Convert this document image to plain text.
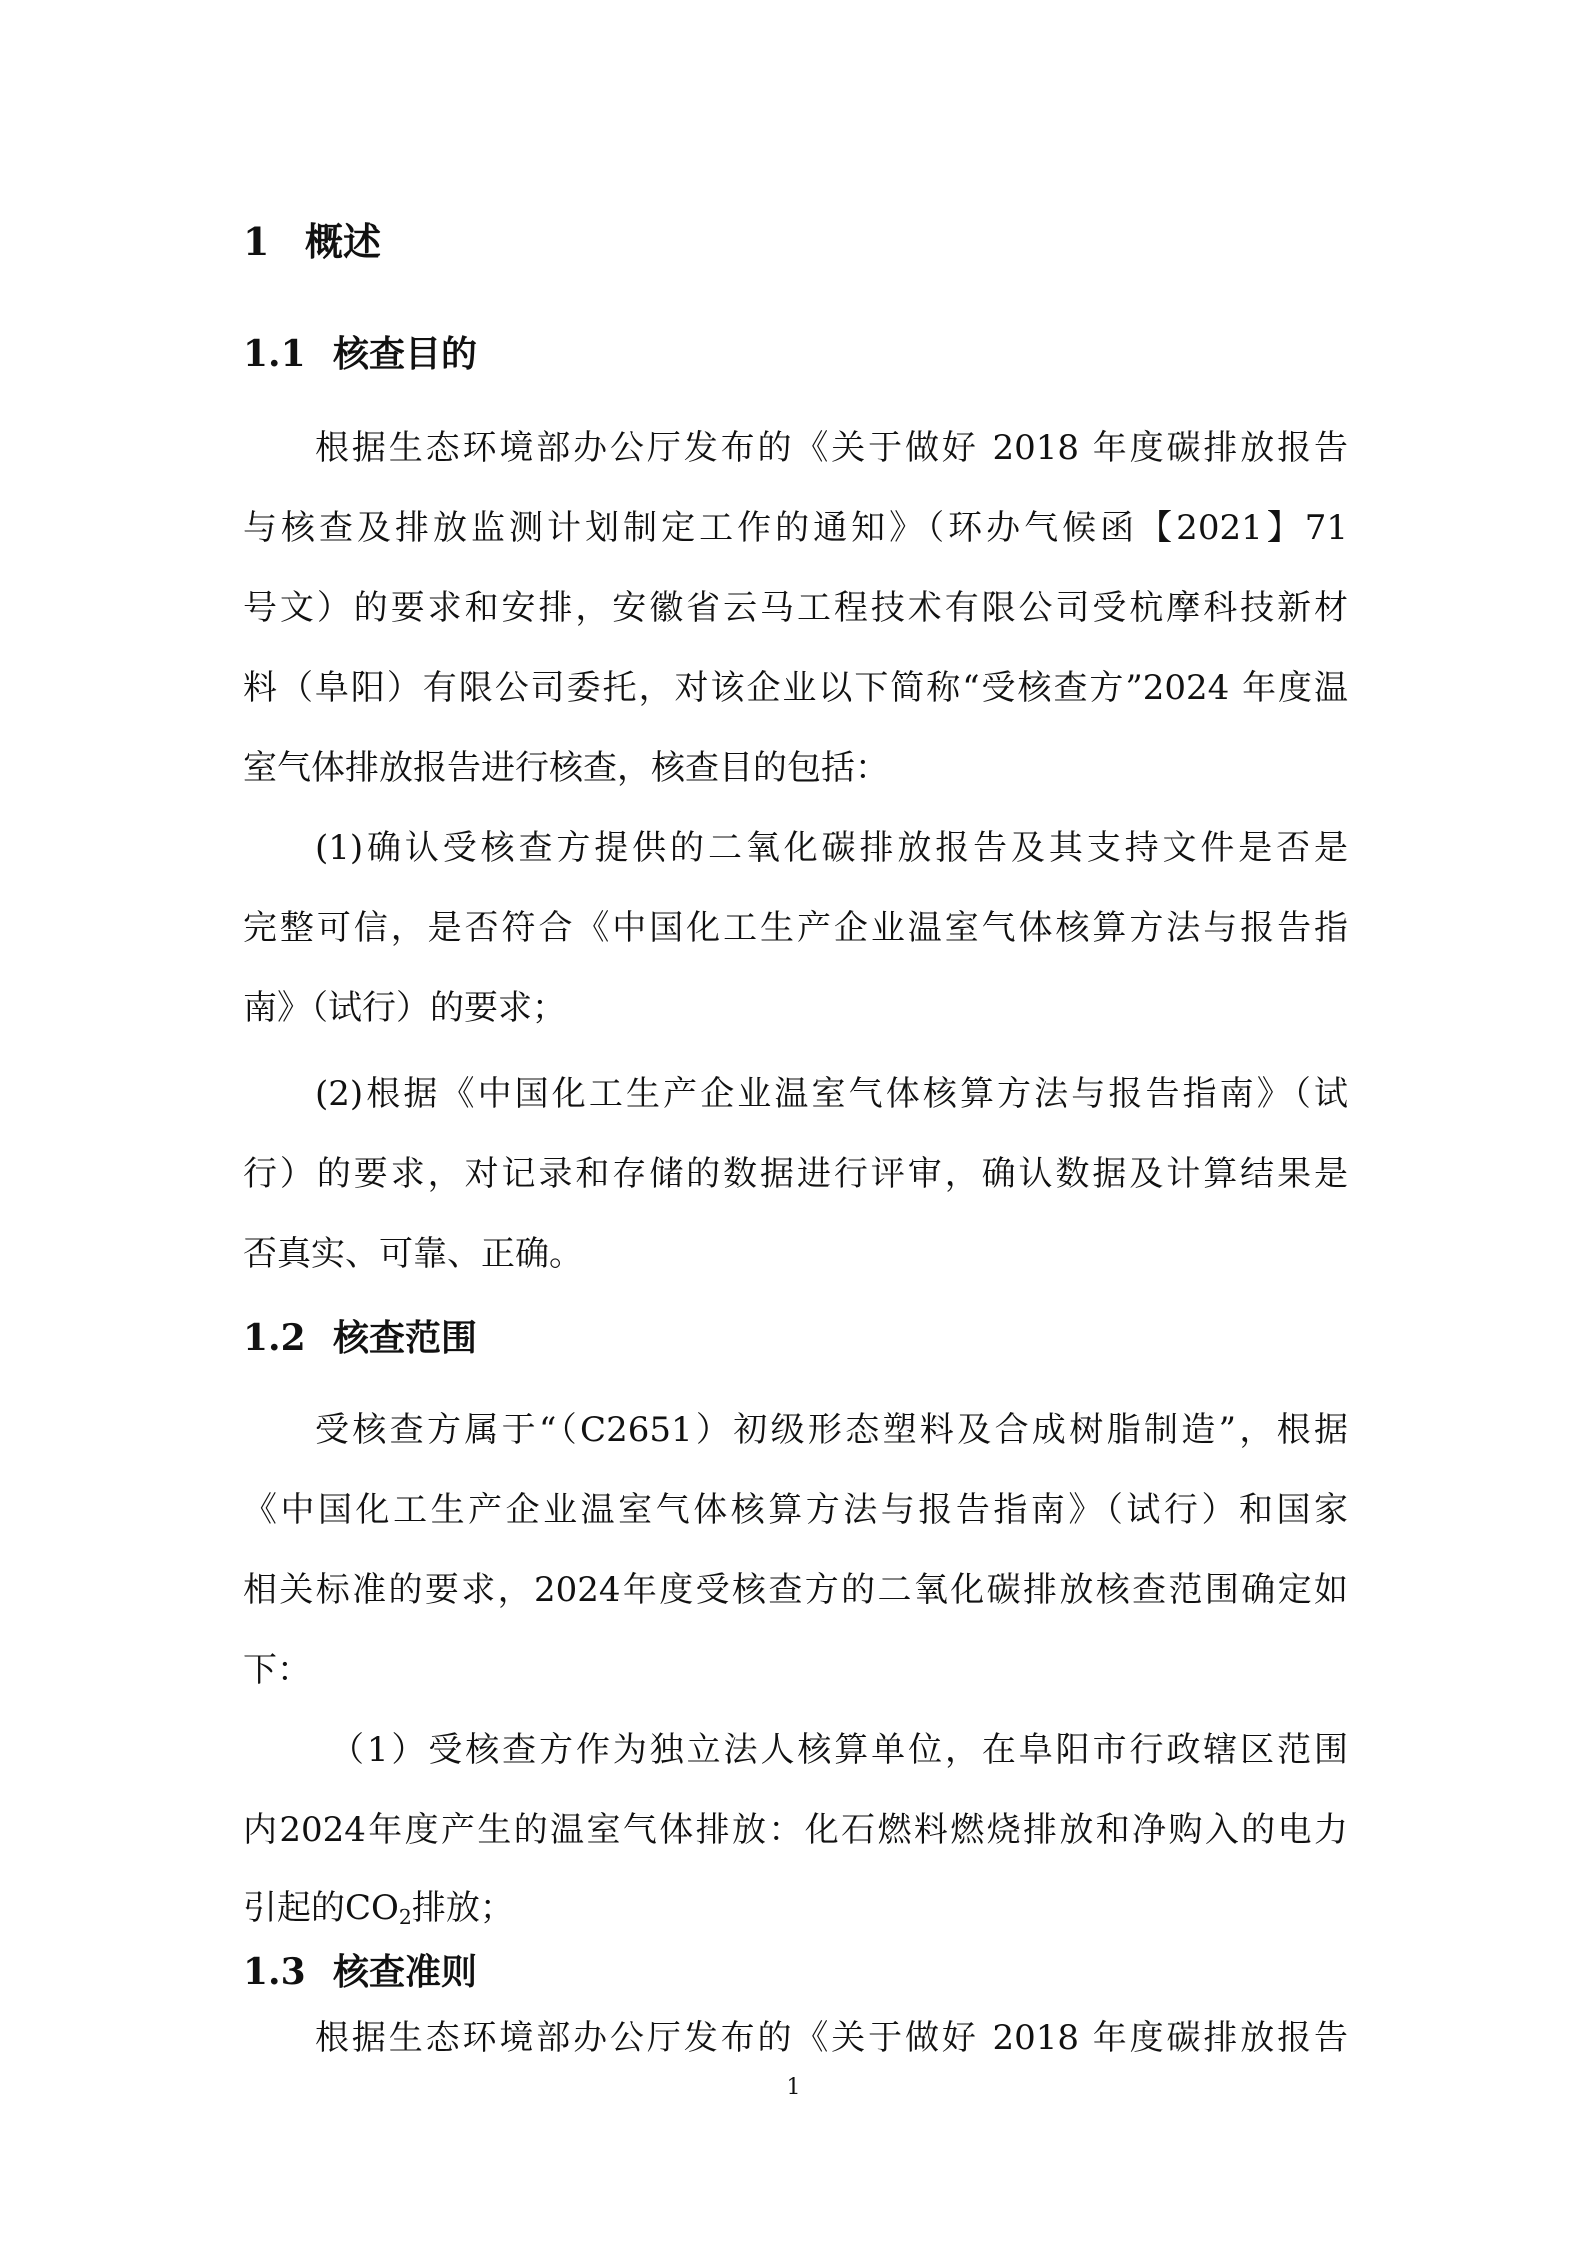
1 概述
1.1 核查目的
根据生态环境部办公厅发布的《关于做好 2018 年度碳排放报告
与核查及排放监测计划制定工作的通知》（环办气候函【2021】71
号文）的要求和安排，安徽省云马工程技术有限公司受杭摩科技新材
料（阜阳）有限公司委托，对该企业以下简称“受核查方”2024 年度温
室气体排放报告进行核查，核查目的包括：
(1)确认受核查方提供的二氧化碳排放报告及其支持文件是否是
完整可信，是否符合《中国化工生产企业温室气体核算方法与报告指
南》（试行）的要求；
(2)根据《中国化工生产企业温室气体核算方法与报告指南》（试
行）的要求，对记录和存储的数据进行评审，确认数据及计算结果是
否真实、可靠、正确。
1.2 核查范围
受核查方属于“（C2651）初级形态塑料及合成树脂制造”，根据
《中国化工生产企业温室气体核算方法与报告指南》（试行）和国家
相关标准的要求，2024年度受核查方的二氧化碳排放核查范围确定如
下：
（1）受核查方作为独立法人核算单位，在阜阳市行政辖区范围
内2024年度产生的温室气体排放：化石燃料燃烧排放和净购入的电力
引起的$CO_2$排放；
1.3 核查准则
根据生态环境部办公厅发布的《关于做好 2018 年度碳排放报告
1
